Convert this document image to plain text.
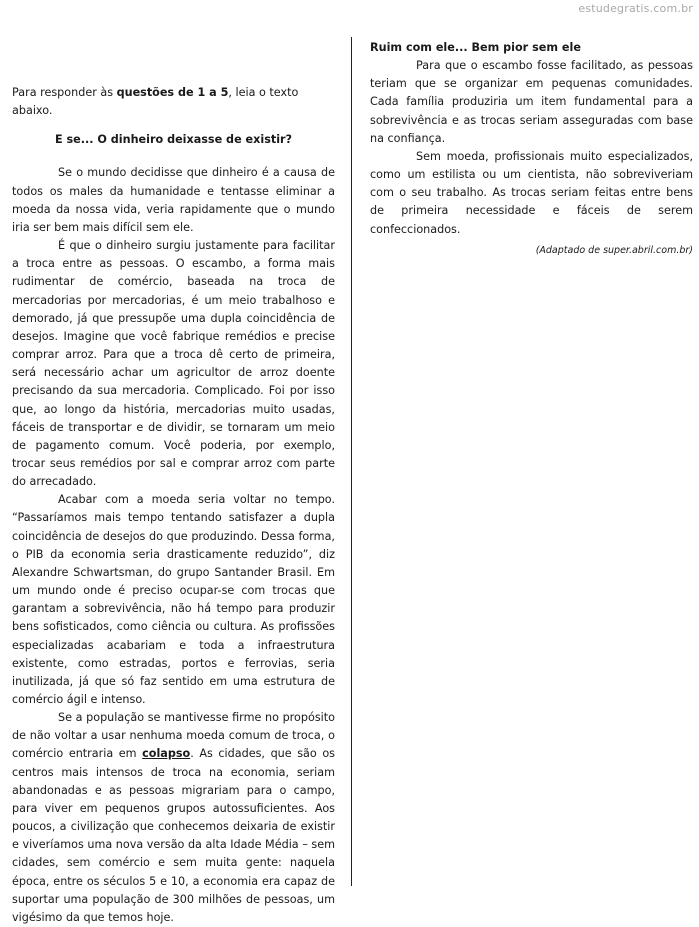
estudegratis.com.br

Para responder às questões de 1 a 5, leia o texto abaixo.

E se... O dinheiro deixasse de existir?

Se o mundo decidisse que dinheiro é a causa de todos os males da humanidade e tentasse eliminar a moeda da nossa vida, veria rapidamente que o mundo iria ser bem mais difícil sem ele.

É que o dinheiro surgiu justamente para facilitar a troca entre as pessoas. O escambo, a forma mais rudimentar de comércio, baseada na troca de mercadorias por mercadorias, é um meio trabalhoso e demorado, já que pressupõe uma dupla coincidência de desejos. Imagine que você fabrique remédios e precise comprar arroz. Para que a troca dê certo de primeira, será necessário achar um agricultor de arroz doente precisando da sua mercadoria. Complicado. Foi por isso que, ao longo da história, mercadorias muito usadas, fáceis de transportar e de dividir, se tornaram um meio de pagamento comum. Você poderia, por exemplo, trocar seus remédios por sal e comprar arroz com parte do arrecadado.

Acabar com a moeda seria voltar no tempo. “Passaríamos mais tempo tentando satisfazer a dupla coincidência de desejos do que produzindo. Dessa forma, o PIB da economia seria drasticamente reduzido”, diz Alexandre Schwartsman, do grupo Santander Brasil. Em um mundo onde é preciso ocupar-se com trocas que garantam a sobrevivência, não há tempo para produzir bens sofisticados, como ciência ou cultura. As profissões especializadas acabariam e toda a infraestrutura existente, como estradas, portos e ferrovias, seria inutilizada, já que só faz sentido em uma estrutura de comércio ágil e intenso.

Se a população se mantivesse firme no propósito de não voltar a usar nenhuma moeda comum de troca, o comércio entraria em colapso. As cidades, que são os centros mais intensos de troca na economia, seriam abandonadas e as pessoas migrariam para o campo, para viver em pequenos grupos autossuficientes. Aos poucos, a civilização que conhecemos deixaria de existir e viveríamos uma nova versão da alta Idade Média – sem cidades, sem comércio e sem muita gente: naquela época, entre os séculos 5 e 10, a economia era capaz de suportar uma população de 300 milhões de pessoas, um vigésimo da que temos hoje.

Ruim com ele... Bem pior sem ele

Para que o escambo fosse facilitado, as pessoas teriam que se organizar em pequenas comunidades. Cada família produziria um item fundamental para a sobrevivência e as trocas seriam asseguradas com base na confiança.

Sem moeda, profissionais muito especializados, como um estilista ou um cientista, não sobreviveriam com o seu trabalho. As trocas seriam feitas entre bens de primeira necessidade e fáceis de serem confeccionados.

(Adaptado de super.abril.com.br)
